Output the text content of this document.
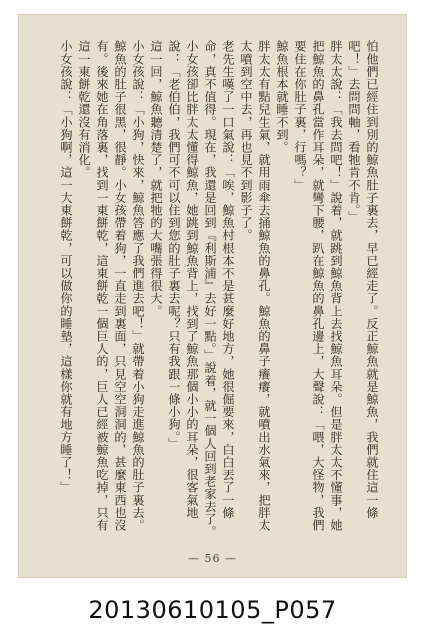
怕他們已經住到別的鯨魚肚子裏去，早已經走了。反正鯨魚就是鯨魚，我們就住這一條吧！」去問問軸，看牠肯不肯。」

胖太太說：「我去問吧！」說着，就跳到鯨魚背上去找鯨魚耳朵。但是胖太太不懂事，她把鯨魚的鼻孔當作耳朵，就彎下腰，趴在鯨魚的鼻孔邊上，大聲說：「喂，大怪物，我們要住在你肚子裏，行嗎？」

鯨魚根本就睡不到。

胖太太有點兒生氣，就用雨傘去捅鯨魚的鼻孔。鯨魚的鼻子癢癢，就噴出水氣來，把胖太太噴到空中去，再也見不到影子了。

老先生嘆了一口氣說：「唉，鯨魚村根本不是甚麼好地方，她很倔要來，白白丟了一條命，真不值得。現在，我還是回到『利斯浦』去好一點。」說着，就一個人回到老家去了。

小女孩卻比胖太太懂得鯨魚，她跳到鯨魚背上，找到了鯨魚那個小小的耳朵，很客氣地說：「老伯伯，我們可不可以住到您的肚子裏去呢？只有我跟一條小狗。」

這一回，鯨魚聽清楚了，就把牠的大嘴張得很大。

小女孩說：「小狗，快來，鯨魚答應了我們進去吧！」就帶着小狗走進鯨魚的肚子裏去。

鯨魚的肚子很黑，很靜。小女孩帶着狗，一直走到裏面，只見空空洞洞的，甚麼東西也沒有。後來她在角落裏，找到一東餅乾，這東餅乾一個巨人的，巨人已經被鯨魚吃掉，只有這一東餅乾還沒有消化。

小女孩說：「小狗啊，這一大東餅乾，可以做你的睡墊，這樣你就有地方睡了！」

— 56 —
20130610105_P057
